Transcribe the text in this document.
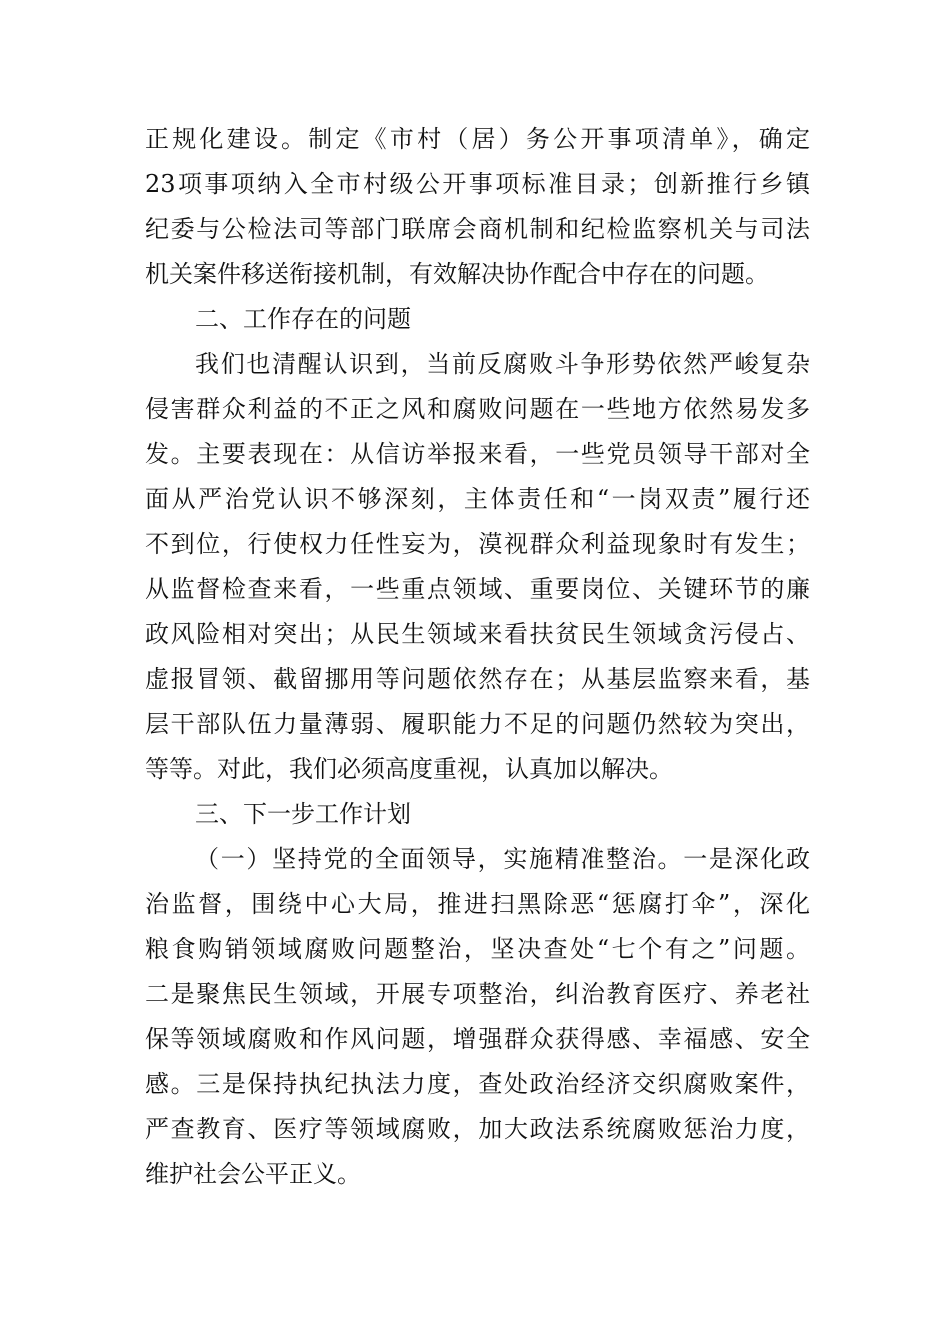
正规化建设。制定《市村（居）务公开事项清单》，确定
23项事项纳入全市村级公开事项标准目录；创新推行乡镇
纪委与公检法司等部门联席会商机制和纪检监察机关与司法
机关案件移送衔接机制，有效解决协作配合中存在的问题。
二、工作存在的问题
我们也清醒认识到，当前反腐败斗争形势依然严峻复杂
侵害群众利益的不正之风和腐败问题在一些地方依然易发多
发。主要表现在：从信访举报来看，一些党员领导干部对全
面从严治党认识不够深刻，主体责任和“一岗双责”履行还
不到位，行使权力任性妄为，漠视群众利益现象时有发生；
从监督检查来看，一些重点领域、重要岗位、关键环节的廉
政风险相对突出；从民生领域来看扶贫民生领域贪污侵占、
虚报冒领、截留挪用等问题依然存在；从基层监察来看，基
层干部队伍力量薄弱、履职能力不足的问题仍然较为突出，
等等。对此，我们必须高度重视，认真加以解决。
三、下一步工作计划
（一）坚持党的全面领导，实施精准整治。一是深化政
治监督，围绕中心大局，推进扫黑除恶“惩腐打伞”，深化
粮食购销领域腐败问题整治，坚决查处“七个有之”问题。
二是聚焦民生领域，开展专项整治，纠治教育医疗、养老社
保等领域腐败和作风问题，增强群众获得感、幸福感、安全
感。三是保持执纪执法力度，查处政治经济交织腐败案件，
严查教育、医疗等领域腐败，加大政法系统腐败惩治力度，
维护社会公平正义。
